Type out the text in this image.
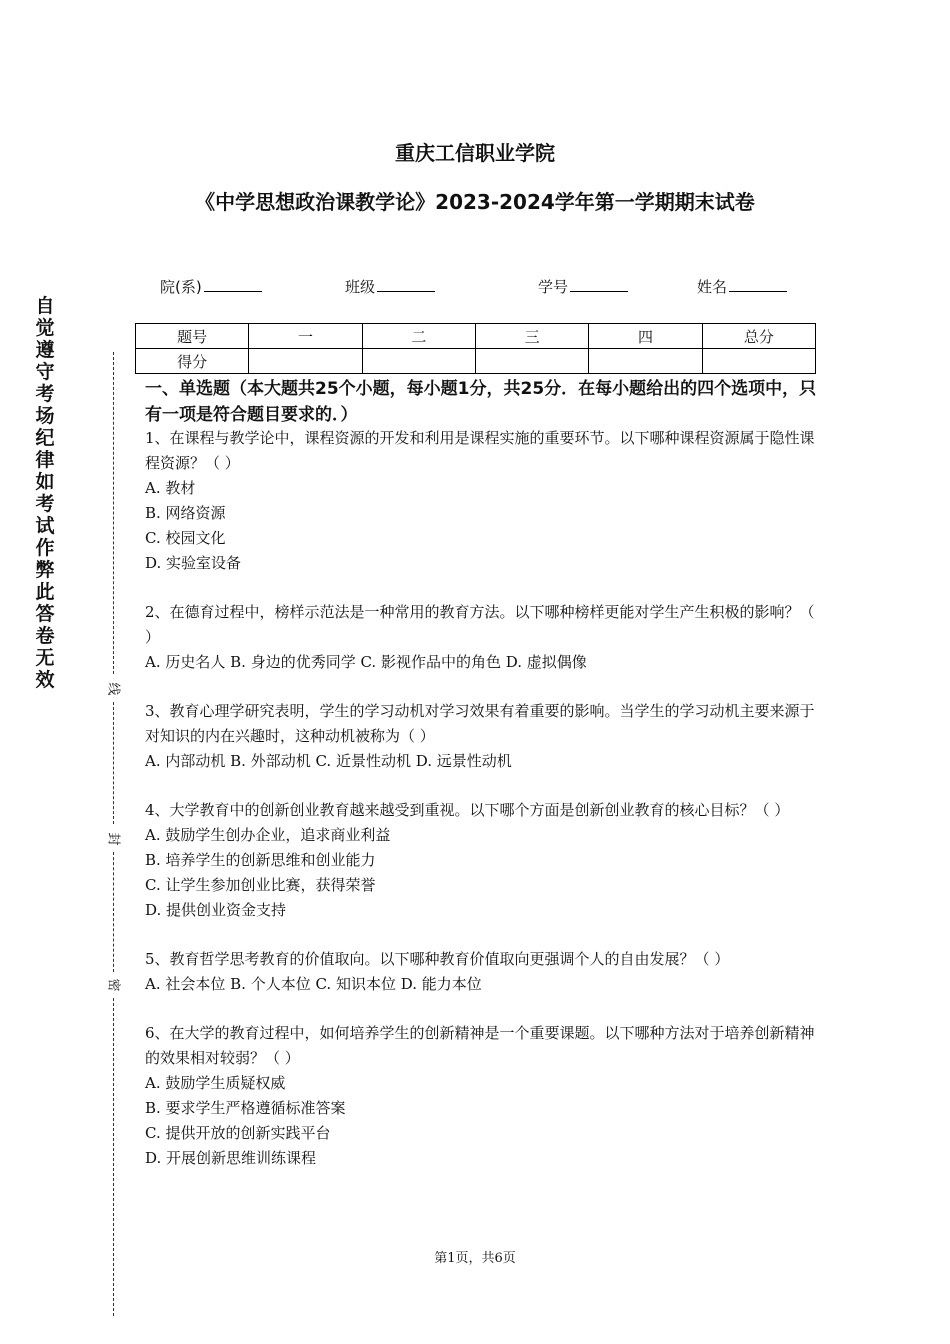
重庆工信职业学院
《中学思想政治课教学论》2023-2024学年第一学期期末试卷
院(系)	班级	学号	姓名
题号	一	二	三	四	总分
得分					
自觉遵守考场纪律如考试作弊此答卷无效	线
封
密
一、单选题（本大题共25个小题，每小题1分，共25分．在每小题给出的四个选项中，只有一项是符合题目要求的．）

1、在课程与教学论中，课程资源的开发和利用是课程实施的重要环节。以下哪种课程资源属于隐性课程资源？（ ）

A. 教材

B. 网络资源

C. 校园文化

D. 实验室设备

2、在德育过程中，榜样示范法是一种常用的教育方法。以下哪种榜样更能对学生产生积极的影响？（ ）

A. 历史名人 B. 身边的优秀同学 C. 影视作品中的角色 D. 虚拟偶像

3、教育心理学研究表明，学生的学习动机对学习效果有着重要的影响。当学生的学习动机主要来源于对知识的内在兴趣时，这种动机被称为（ ）

A. 内部动机 B. 外部动机 C. 近景性动机 D. 远景性动机

4、大学教育中的创新创业教育越来越受到重视。以下哪个方面是创新创业教育的核心目标？（ ）

A. 鼓励学生创办企业，追求商业利益

B. 培养学生的创新思维和创业能力

C. 让学生参加创业比赛，获得荣誉

D. 提供创业资金支持

5、教育哲学思考教育的价值取向。以下哪种教育价值取向更强调个人的自由发展？（ ）

A. 社会本位 B. 个人本位 C. 知识本位 D. 能力本位

6、在大学的教育过程中，如何培养学生的创新精神是一个重要课题。以下哪种方法对于培养创新精神的效果相对较弱？（ ）

A. 鼓励学生质疑权威

B. 要求学生严格遵循标准答案

C. 提供开放的创新实践平台

D. 开展创新思维训练课程

第1页，共6页
